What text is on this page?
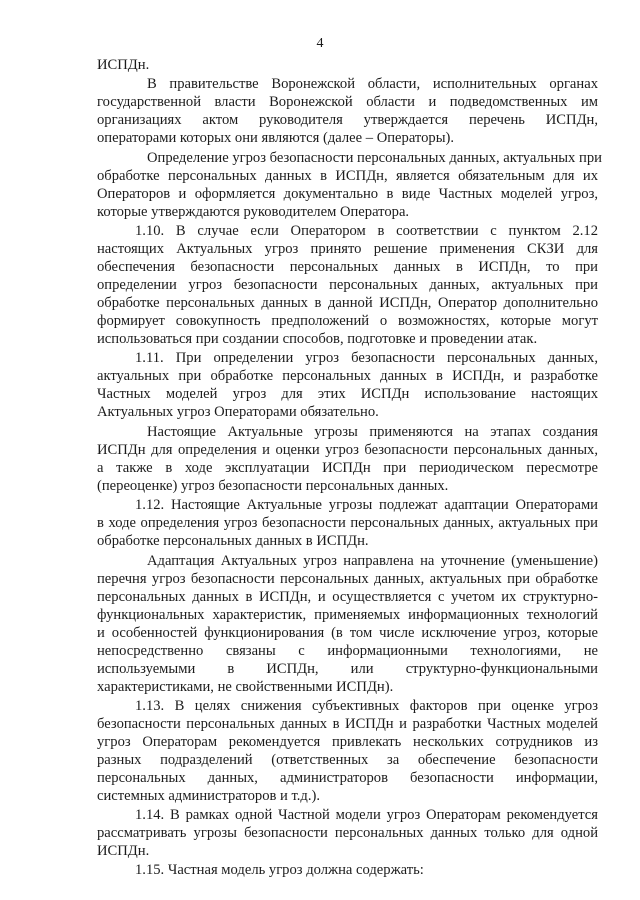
4
ИСПДн.
В правительстве Воронежской области, исполнительных органах
государственной власти Воронежской области и подведомственных им
организациях актом руководителя утверждается перечень ИСПДн,
операторами которых они являются (далее – Операторы).
Определение угроз безопасности персональных данных, актуальных при
обработке персональных данных в ИСПДн, является обязательным для их
Операторов и оформляется документально в виде Частных моделей угроз,
которые утверждаются руководителем Оператора.
1.10. В случае если Оператором в соответствии с пунктом 2.12
настоящих Актуальных угроз принято решение применения СКЗИ для
обеспечения безопасности персональных данных в ИСПДн, то при
определении угроз безопасности персональных данных, актуальных при
обработке персональных данных в данной ИСПДн, Оператор дополнительно
формирует совокупность предположений о возможностях, которые могут
использоваться при создании способов, подготовке и проведении атак.
1.11. При определении угроз безопасности персональных данных,
актуальных при обработке персональных данных в ИСПДн, и разработке
Частных моделей угроз для этих ИСПДн использование настоящих
Актуальных угроз Операторами обязательно.
Настоящие Актуальные угрозы применяются на этапах создания
ИСПДн для определения и оценки угроз безопасности персональных данных,
а также в ходе эксплуатации ИСПДн при периодическом пересмотре
(переоценке) угроз безопасности персональных данных.
1.12. Настоящие Актуальные угрозы подлежат адаптации Операторами
в ходе определения угроз безопасности персональных данных, актуальных при
обработке персональных данных в ИСПДн.
Адаптация Актуальных угроз направлена на уточнение (уменьшение)
перечня угроз безопасности персональных данных, актуальных при обработке
персональных данных в ИСПДн, и осуществляется с учетом их структурно-
функциональных характеристик, применяемых информационных технологий
и особенностей функционирования (в том числе исключение угроз, которые
непосредственно связаны с информационными технологиями, не
используемыми в ИСПДн, или структурно-функциональными
характеристиками, не свойственными ИСПДн).
1.13. В целях снижения субъективных факторов при оценке угроз
безопасности персональных данных в ИСПДн и разработки Частных моделей
угроз Операторам рекомендуется привлекать нескольких сотрудников из
разных подразделений (ответственных за обеспечение безопасности
персональных данных, администраторов безопасности информации,
системных администраторов и т.д.).
1.14. В рамках одной Частной модели угроз Операторам рекомендуется
рассматривать угрозы безопасности персональных данных только для одной
ИСПДн.
1.15. Частная модель угроз должна содержать:
